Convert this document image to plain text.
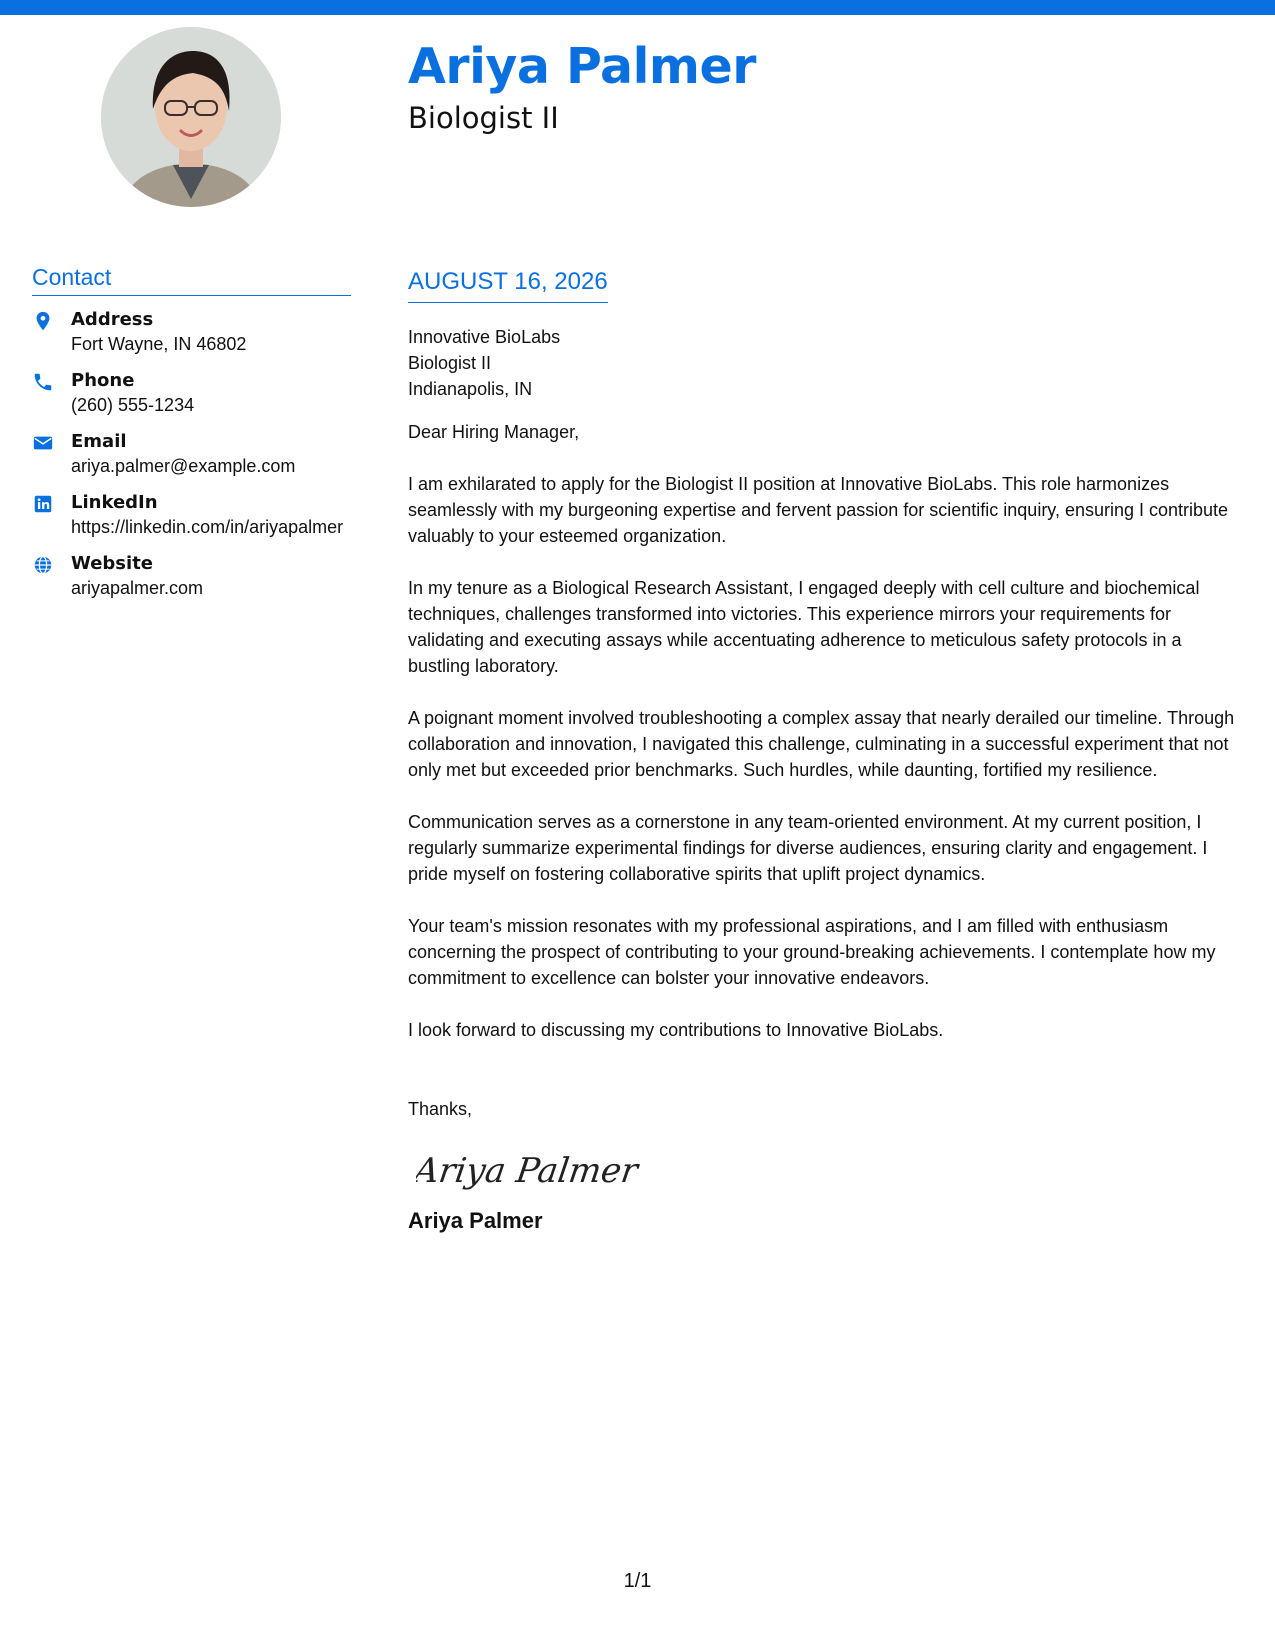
Ariya Palmer
Biologist II
Contact
Address
Fort Wayne, IN 46802
Phone
(260) 555-1234
Email
ariya.palmer@example.com
LinkedIn
https://linkedin.com/in/ariyapalmer
Website
ariyapalmer.com
AUGUST 16, 2026
Innovative BioLabs
Biologist II
Indianapolis, IN
Dear Hiring Manager,

I am exhilarated to apply for the Biologist II position at Innovative BioLabs. This role harmonizes seamlessly with my burgeoning expertise and fervent passion for scientific inquiry, ensuring I contribute valuably to your esteemed organization.

In my tenure as a Biological Research Assistant, I engaged deeply with cell culture and biochemical techniques, challenges transformed into victories. This experience mirrors your requirements for validating and executing assays while accentuating adherence to meticulous safety protocols in a bustling laboratory.

A poignant moment involved troubleshooting a complex assay that nearly derailed our timeline. Through collaboration and innovation, I navigated this challenge, culminating in a successful experiment that not only met but exceeded prior benchmarks. Such hurdles, while daunting, fortified my resilience.

Communication serves as a cornerstone in any team-oriented environment. At my current position, I regularly summarize experimental findings for diverse audiences, ensuring clarity and engagement. I pride myself on fostering collaborative spirits that uplift project dynamics.

Your team's mission resonates with my professional aspirations, and I am filled with enthusiasm concerning the prospect of contributing to your ground-breaking achievements. I contemplate how my commitment to excellence can bolster your innovative endeavors.

I look forward to discussing my contributions to Innovative BioLabs.

Thanks,
Ariya Palmer
Ariya Palmer
1/1
